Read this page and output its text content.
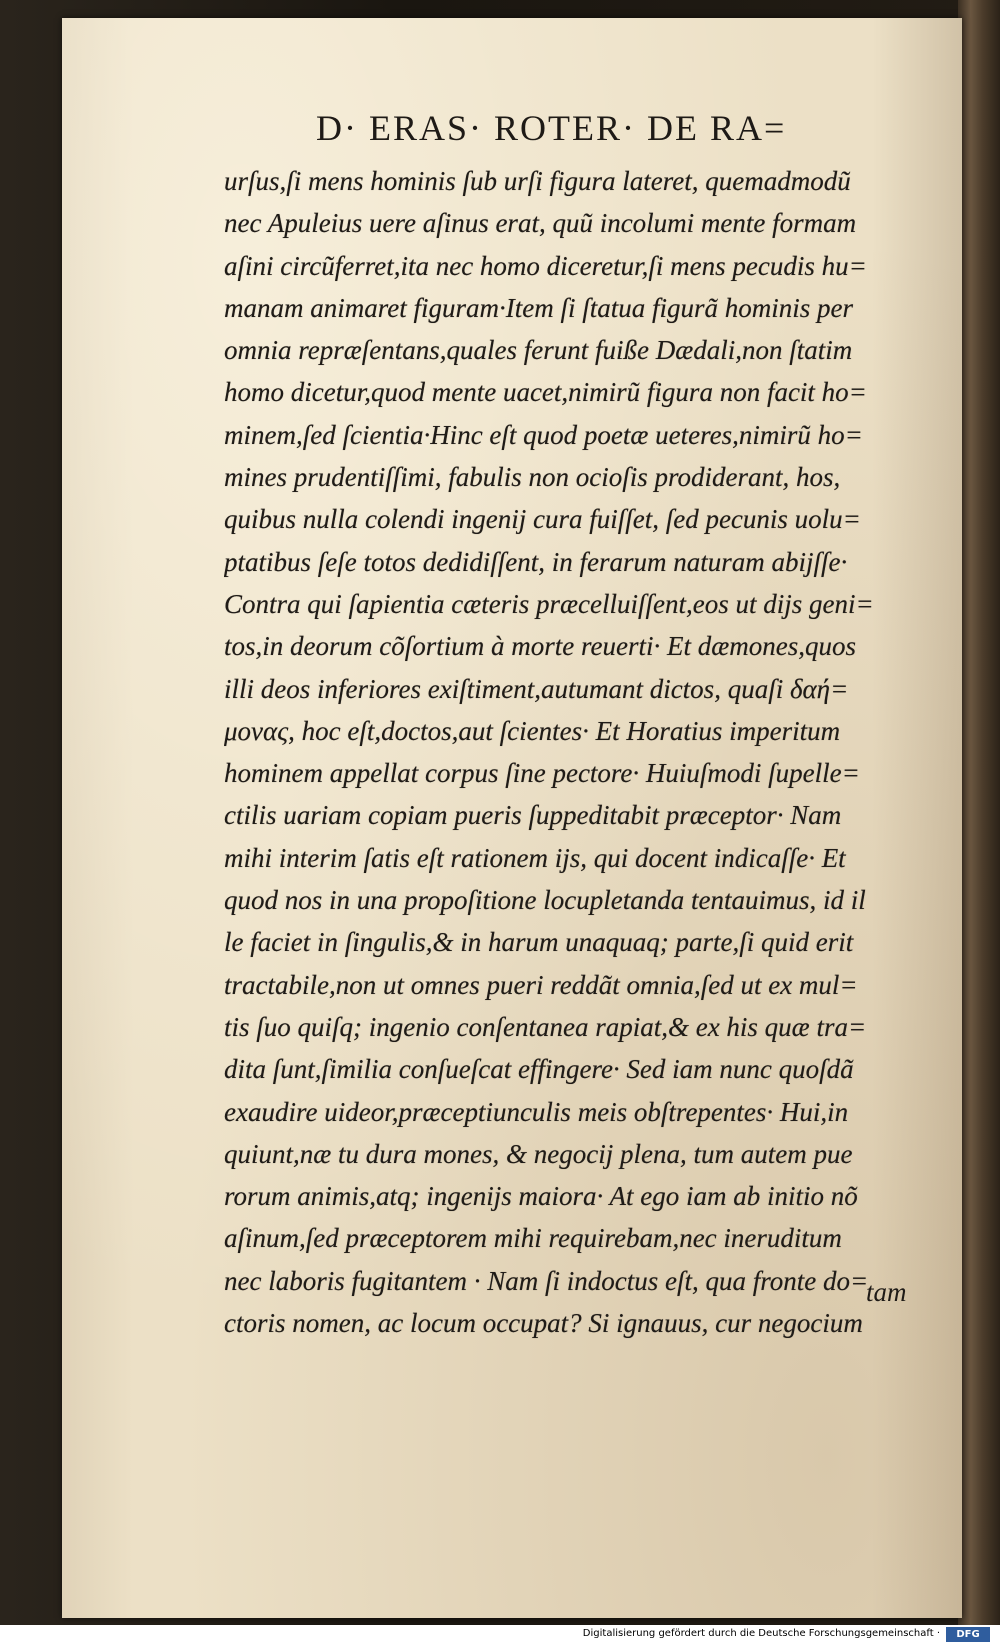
D· ERAS· ROTER· DE RA=
urſus,ſi mens hominis ſub urſi figura lateret, quemadmodũ
nec Apuleius uere aſinus erat, quũ incolumi mente formam
aſini circũferret,ita nec homo diceretur,ſi mens pecudis hu=
manam animaret figuram·Item ſi ſtatua figurã hominis per
omnia repræſentans,quales ferunt fuiße Dædali,non ſtatim
homo dicetur,quod mente uacet,nimirũ figura non facit ho=
minem,ſed ſcientia·Hinc eſt quod poetæ ueteres,nimirũ ho=
mines prudentiſſimi, fabulis non ocioſis prodiderant, hos,
quibus nulla colendi ingenij cura fuiſſet, ſed pecunis uolu=
ptatibus ſeſe totos dedidiſſent, in ferarum naturam abijſſe·
Contra qui ſapientia cæteris præcelluiſſent,eos ut dijs geni=
tos,in deorum cõſortium à morte reuerti· Et dæmones,quos
illi deos inferiores exiſtiment,autumant dictos, quaſi δαή=
μονας, hoc eſt,doctos,aut ſcientes· Et Horatius imperitum
hominem appellat corpus ſine pectore· Huiuſmodi ſupelle=
ctilis uariam copiam pueris ſuppeditabit præceptor· Nam
mihi interim ſatis eſt rationem ijs, qui docent indicaſſe· Et
quod nos in una propoſitione locupletanda tentauimus, id il
le faciet in ſingulis,& in harum unaquaq; parte,ſi quid erit
tractabile,non ut omnes pueri reddãt omnia,ſed ut ex mul=
tis ſuo quiſq; ingenio conſentanea rapiat,& ex his quæ tra=
dita ſunt,ſimilia conſueſcat effingere· Sed iam nunc quoſdã
exaudire uideor,præceptiunculis meis obſtrepentes· Hui,in
quiunt,næ tu dura mones, & negocij plena, tum autem pue
rorum animis,atq; ingenijs maiora· At ego iam ab initio nõ
aſinum,ſed præceptorem mihi requirebam,nec ineruditum
nec laboris fugitantem · Nam ſi indoctus eſt, qua fronte do=
ctoris nomen, ac locum occupat? Si ignauus, cur negocium
tam
Digitalisierung gefördert durch die Deutsche Forschungsgemeinschaft ·	DFG
